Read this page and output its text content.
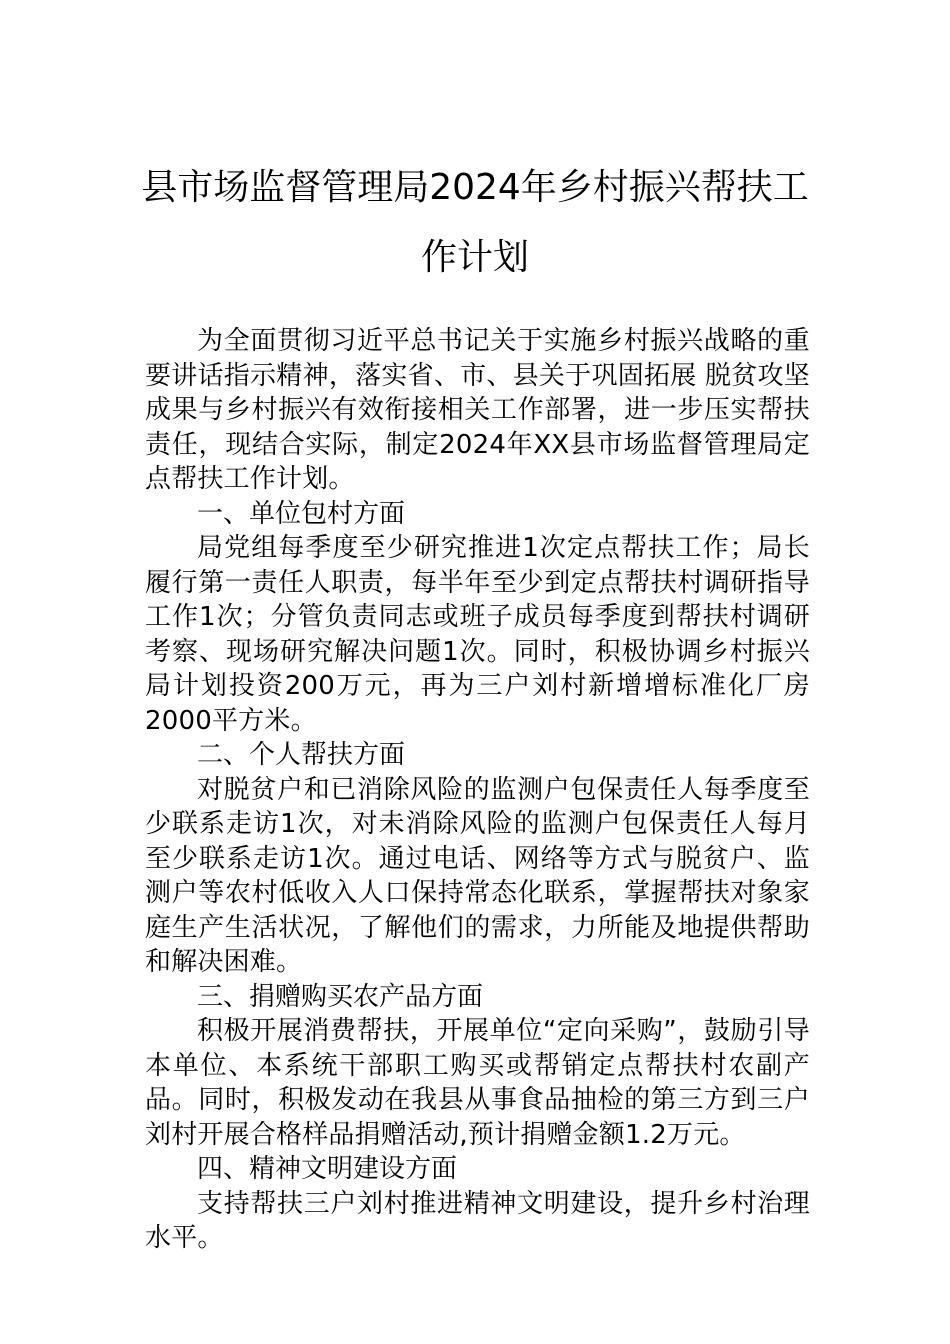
县市场监督管理局2024年乡村振兴帮扶工
作计划

为全面贯彻习近平总书记关于实施乡村振兴战略的重要讲话指示精神，落实省、市、县关于巩固拓展 脱贫攻坚成果与乡村振兴有效衔接相关工作部署，进一步压实帮扶责任，现结合实际，制定2024年XX县市场监督管理局定点帮扶工作计划。

一、单位包村方面

局党组每季度至少研究推进1次定点帮扶工作；局长履行第一责任人职责，每半年至少到定点帮扶村调研指导工作1次；分管负责同志或班子成员每季度到帮扶村调研考察、现场研究解决问题1次。同时，积极协调乡村振兴局计划投资200万元，再为三户刘村新增增标准化厂房2000平方米。

二、个人帮扶方面

对脱贫户和已消除风险的监测户包保责任人每季度至少联系走访1次，对未消除风险的监测户包保责任人每月至少联系走访1次。通过电话、网络等方式与脱贫户、监测户等农村低收入人口保持常态化联系，掌握帮扶对象家庭生产生活状况，了解他们的需求，力所能及地提供帮助和解决困难。

三、捐赠购买农产品方面

积极开展消费帮扶，开展单位“定向采购”，鼓励引导本单位、本系统干部职工购买或帮销定点帮扶村农副产品。同时，积极发动在我县从事食品抽检的第三方到三户刘村开展合格样品捐赠活动,预计捐赠金额1.2万元。

四、精神文明建设方面

支持帮扶三户刘村推进精神文明建设，提升乡村治理水平。
